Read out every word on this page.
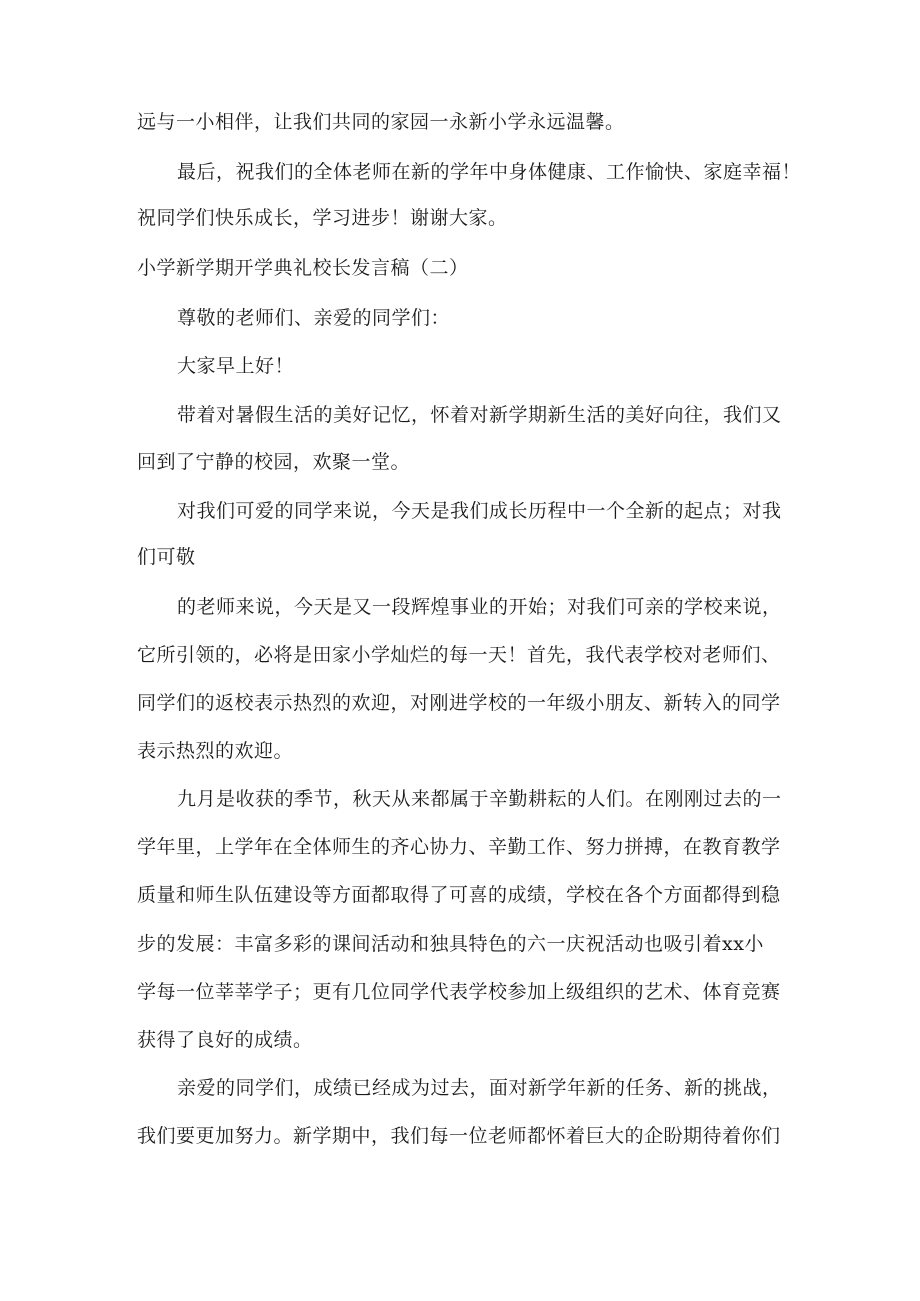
远与一小相伴，让我们共同的家园一永新小学永远温馨。
最后，祝我们的全体老师在新的学年中身体健康、工作愉快、家庭幸福！
祝同学们快乐成长，学习进步！谢谢大家。
小学新学期开学典礼校长发言稿（二）
尊敬的老师们、亲爱的同学们：
大家早上好！
带着对暑假生活的美好记忆，怀着对新学期新生活的美好向往，我们又
回到了宁静的校园，欢聚一堂。
对我们可爱的同学来说，今天是我们成长历程中一个全新的起点；对我
们可敬
的老师来说，今天是又一段辉煌事业的开始；对我们可亲的学校来说，
它所引领的，必将是田家小学灿烂的每一天！首先，我代表学校对老师们、
同学们的返校表示热烈的欢迎，对刚进学校的一年级小朋友、新转入的同学
表示热烈的欢迎。
九月是收获的季节，秋天从来都属于辛勤耕耘的人们。在刚刚过去的一
学年里，上学年在全体师生的齐心协力、辛勤工作、努力拼搏，在教育教学
质量和师生队伍建设等方面都取得了可喜的成绩，学校在各个方面都得到稳
步的发展：丰富多彩的课间活动和独具特色的六一庆祝活动也吸引着xx小
学每一位莘莘学子；更有几位同学代表学校参加上级组织的艺术、体育竞赛
获得了良好的成绩。
亲爱的同学们，成绩已经成为过去，面对新学年新的任务、新的挑战，
我们要更加努力。新学期中，我们每一位老师都怀着巨大的企盼期待着你们
